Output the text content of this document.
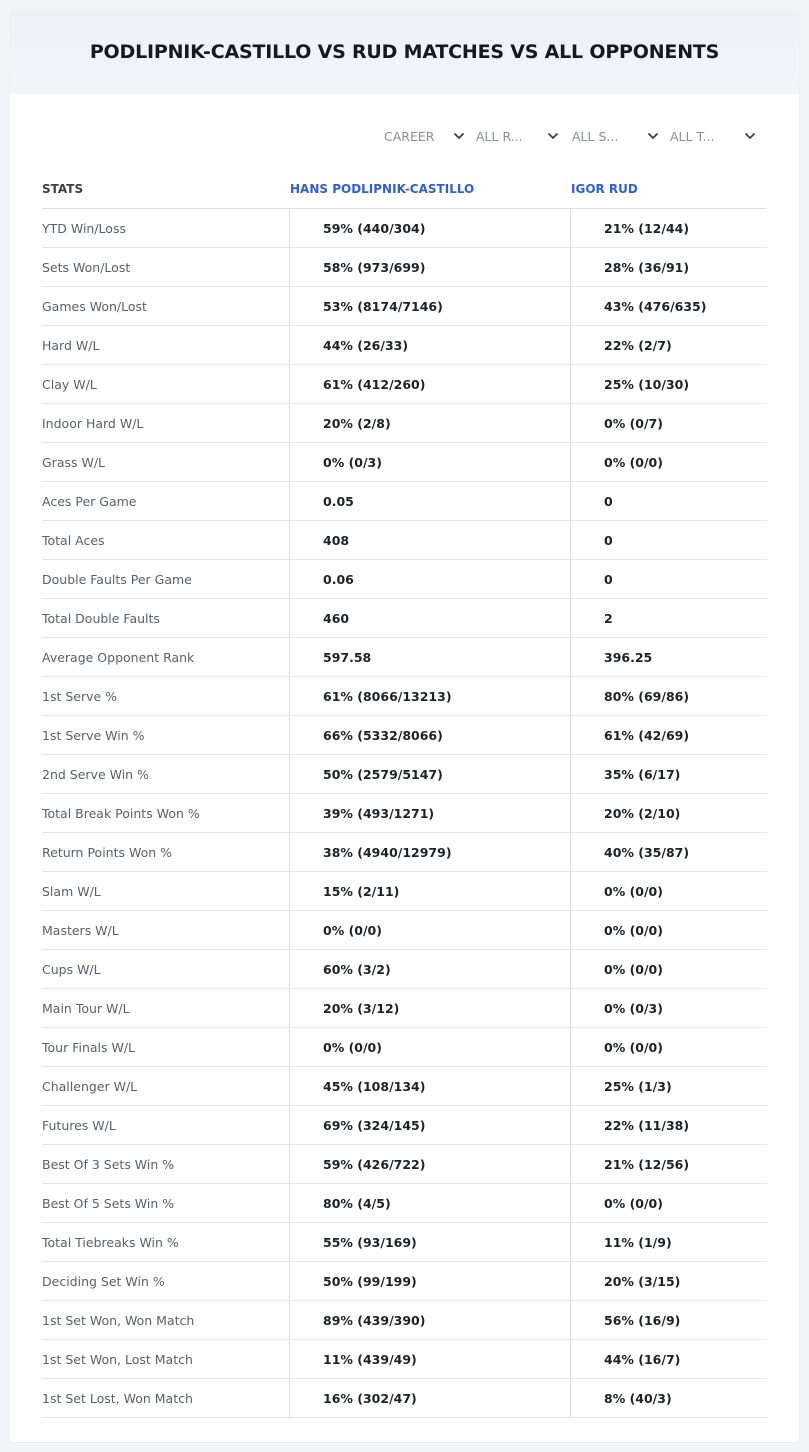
PODLIPNIK-CASTILLO VS RUD MATCHES VS ALL OPPONENTS
CAREER	ALL R...	ALL S...	ALL T...
STATS	HANS PODLIPNIK-CASTILLO	IGOR RUD
YTD Win/Loss	59% (440/304)	21% (12/44)
Sets Won/Lost	58% (973/699)	28% (36/91)
Games Won/Lost	53% (8174/7146)	43% (476/635)
Hard W/L	44% (26/33)	22% (2/7)
Clay W/L	61% (412/260)	25% (10/30)
Indoor Hard W/L	20% (2/8)	0% (0/7)
Grass W/L	0% (0/3)	0% (0/0)
Aces Per Game	0.05	0
Total Aces	408	0
Double Faults Per Game	0.06	0
Total Double Faults	460	2
Average Opponent Rank	597.58	396.25
1st Serve %	61% (8066/13213)	80% (69/86)
1st Serve Win %	66% (5332/8066)	61% (42/69)
2nd Serve Win %	50% (2579/5147)	35% (6/17)
Total Break Points Won %	39% (493/1271)	20% (2/10)
Return Points Won %	38% (4940/12979)	40% (35/87)
Slam W/L	15% (2/11)	0% (0/0)
Masters W/L	0% (0/0)	0% (0/0)
Cups W/L	60% (3/2)	0% (0/0)
Main Tour W/L	20% (3/12)	0% (0/3)
Tour Finals W/L	0% (0/0)	0% (0/0)
Challenger W/L	45% (108/134)	25% (1/3)
Futures W/L	69% (324/145)	22% (11/38)
Best Of 3 Sets Win %	59% (426/722)	21% (12/56)
Best Of 5 Sets Win %	80% (4/5)	0% (0/0)
Total Tiebreaks Win %	55% (93/169)	11% (1/9)
Deciding Set Win %	50% (99/199)	20% (3/15)
1st Set Won, Won Match	89% (439/390)	56% (16/9)
1st Set Won, Lost Match	11% (439/49)	44% (16/7)
1st Set Lost, Won Match	16% (302/47)	8% (40/3)
